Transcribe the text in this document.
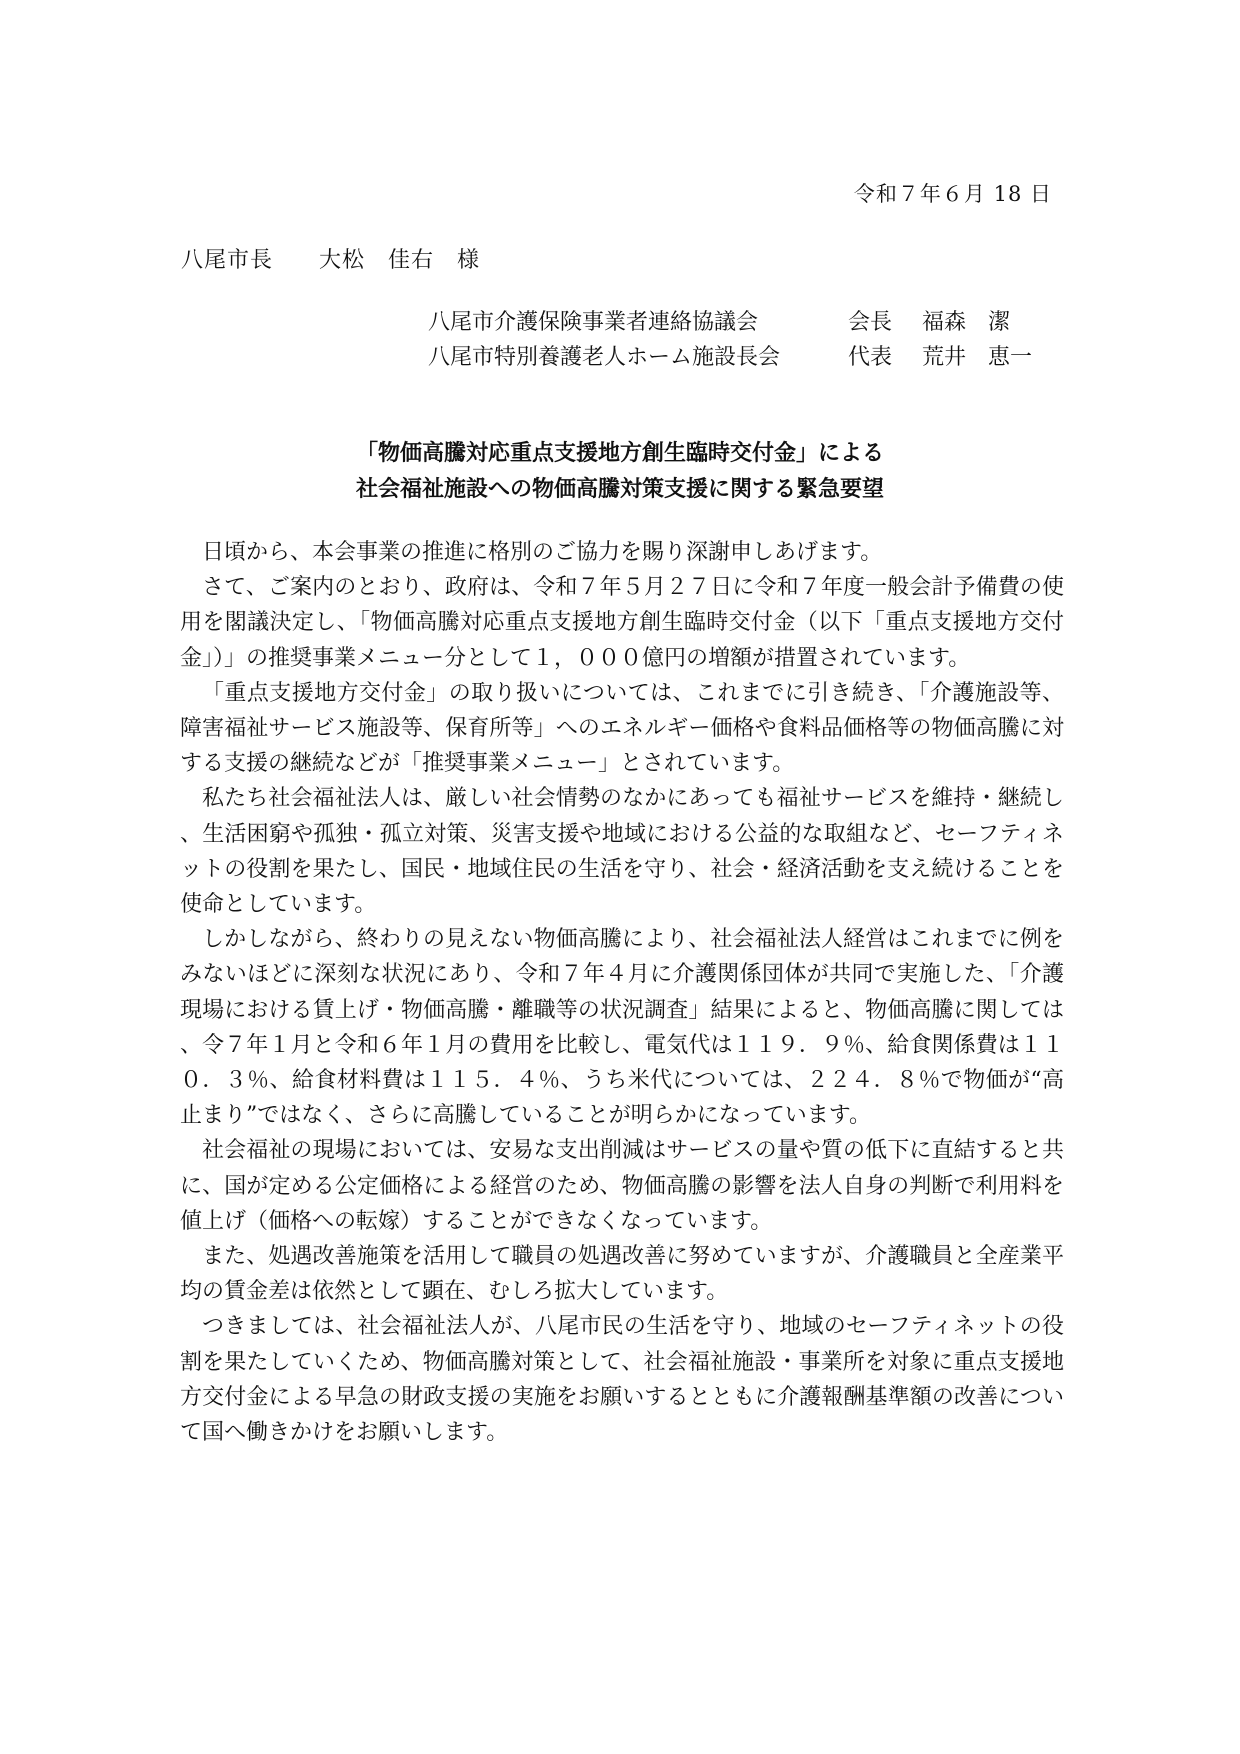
令和７年６月 18 日
八尾市長　　大松　佳右　様
八尾市介護保険事業者連絡協議会	会長	福森　潔
八尾市特別養護老人ホーム施設長会	代表	荒井　恵一
「物価高騰対応重点支援地方創生臨時交付金」による
社会福祉施設への物価高騰対策支援に関する緊急要望

日頃から、本会事業の推進に格別のご協力を賜り深謝申しあげます。

さて、ご案内のとおり、政府は、令和７年５月２７日に令和７年度一般会計予備費の使用を閣議決定し、「物価高騰対応重点支援地方創生臨時交付金（以下「重点支援地方交付金」）」の推奨事業メニュー分として１，０００億円の増額が措置されています。

「重点支援地方交付金」の取り扱いについては、これまでに引き続き、「介護施設等、障害福祉サービス施設等、保育所等」へのエネルギー価格や食料品価格等の物価高騰に対する支援の継続などが「推奨事業メニュー」とされています。

私たち社会福祉法人は、厳しい社会情勢のなかにあっても福祉サービスを維持・継続し、生活困窮や孤独・孤立対策、災害支援や地域における公益的な取組など、セーフティネットの役割を果たし、国民・地域住民の生活を守り、社会・経済活動を支え続けることを使命としています。

しかしながら、終わりの見えない物価高騰により、社会福祉法人経営はこれまでに例をみないほどに深刻な状況にあり、令和７年４月に介護関係団体が共同で実施した、「介護現場における賃上げ・物価高騰・離職等の状況調査」結果によると、物価高騰に関しては、令７年１月と令和６年１月の費用を比較し、電気代は１１９．９％、給食関係費は１１０．３％、給食材料費は１１５．４％、うち米代については、２２４．８％で物価が“高止まり”ではなく、さらに高騰していることが明らかになっています。

社会福祉の現場においては、安易な支出削減はサービスの量や質の低下に直結すると共に、国が定める公定価格による経営のため、物価高騰の影響を法人自身の判断で利用料を値上げ（価格への転嫁）することができなくなっています。

また、処遇改善施策を活用して職員の処遇改善に努めていますが、介護職員と全産業平均の賃金差は依然として顕在、むしろ拡大しています。

つきましては、社会福祉法人が、八尾市民の生活を守り、地域のセーフティネットの役割を果たしていくため、物価高騰対策として、社会福祉施設・事業所を対象に重点支援地方交付金による早急の財政支援の実施をお願いするとともに介護報酬基準額の改善について国へ働きかけをお願いします。
